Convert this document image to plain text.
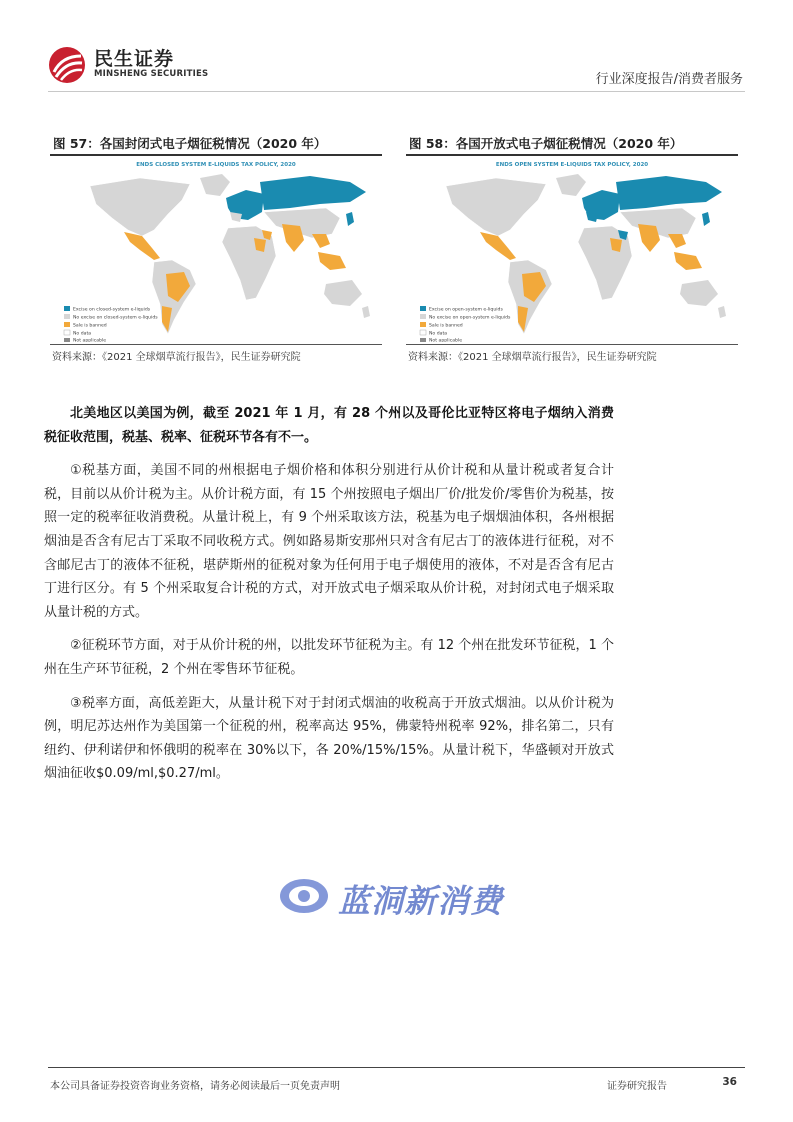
民生证券
MINSHENG SECURITIES	行业深度报告/消费者服务
图 57：各国封闭式电子烟征税情况（2020 年）
ENDS CLOSED SYSTEM E-LIQUIDS TAX POLICY, 2020
Excise on closed-system e-liquids
No excise on closed-system e-liquids
Sale is banned
No data
Not applicable
资料来源：《2021 全球烟草流行报告》，民生证券研究院
图 58：各国开放式电子烟征税情况（2020 年）
ENDS OPEN SYSTEM E-LIQUIDS TAX POLICY, 2020
Excise on open-system e-liquids
No excise on open-system e-liquids
Sale is banned
No data
Not applicable
资料来源：《2021 全球烟草流行报告》，民生证券研究院

北美地区以美国为例，截至 2021 年 1 月，有 28 个州以及哥伦比亚特区将电子烟纳入消费税征收范围，税基、税率、征税环节各有不一。

①税基方面，美国不同的州根据电子烟价格和体积分别进行从价计税和从量计税或者复合计税，目前以从价计税为主。从价计税方面，有 15 个州按照电子烟出厂价/批发价/零售价为税基，按照一定的税率征收消费税。从量计税上，有 9 个州采取该方法，税基为电子烟烟油体积，各州根据烟油是否含有尼古丁采取不同收税方式。例如路易斯安那州只对含有尼古丁的液体进行征税，对不含邮尼古丁的液体不征税，堪萨斯州的征税对象为任何用于电子烟使用的液体，不对是否含有尼古丁进行区分。有 5 个州采取复合计税的方式，对开放式电子烟采取从价计税，对封闭式电子烟采取从量计税的方式。

②征税环节方面，对于从价计税的州，以批发环节征税为主。有 12 个州在批发环节征税，1 个州在生产环节征税，2 个州在零售环节征税。

③税率方面，高低差距大，从量计税下对于封闭式烟油的收税高于开放式烟油。以从价计税为例，明尼苏达州作为美国第一个征税的州，税率高达 95%，佛蒙特州税率 92%，排名第二，只有纽约、伊利诺伊和怀俄明的税率在 30%以下，各 20%/15%/15%。从量计税下，华盛顿对开放式烟油征收$0.09/ml,$0.27/ml。

蓝洞新消费
本公司具备证券投资咨询业务资格，请务必阅读最后一页免责声明	证券研究报告	36
